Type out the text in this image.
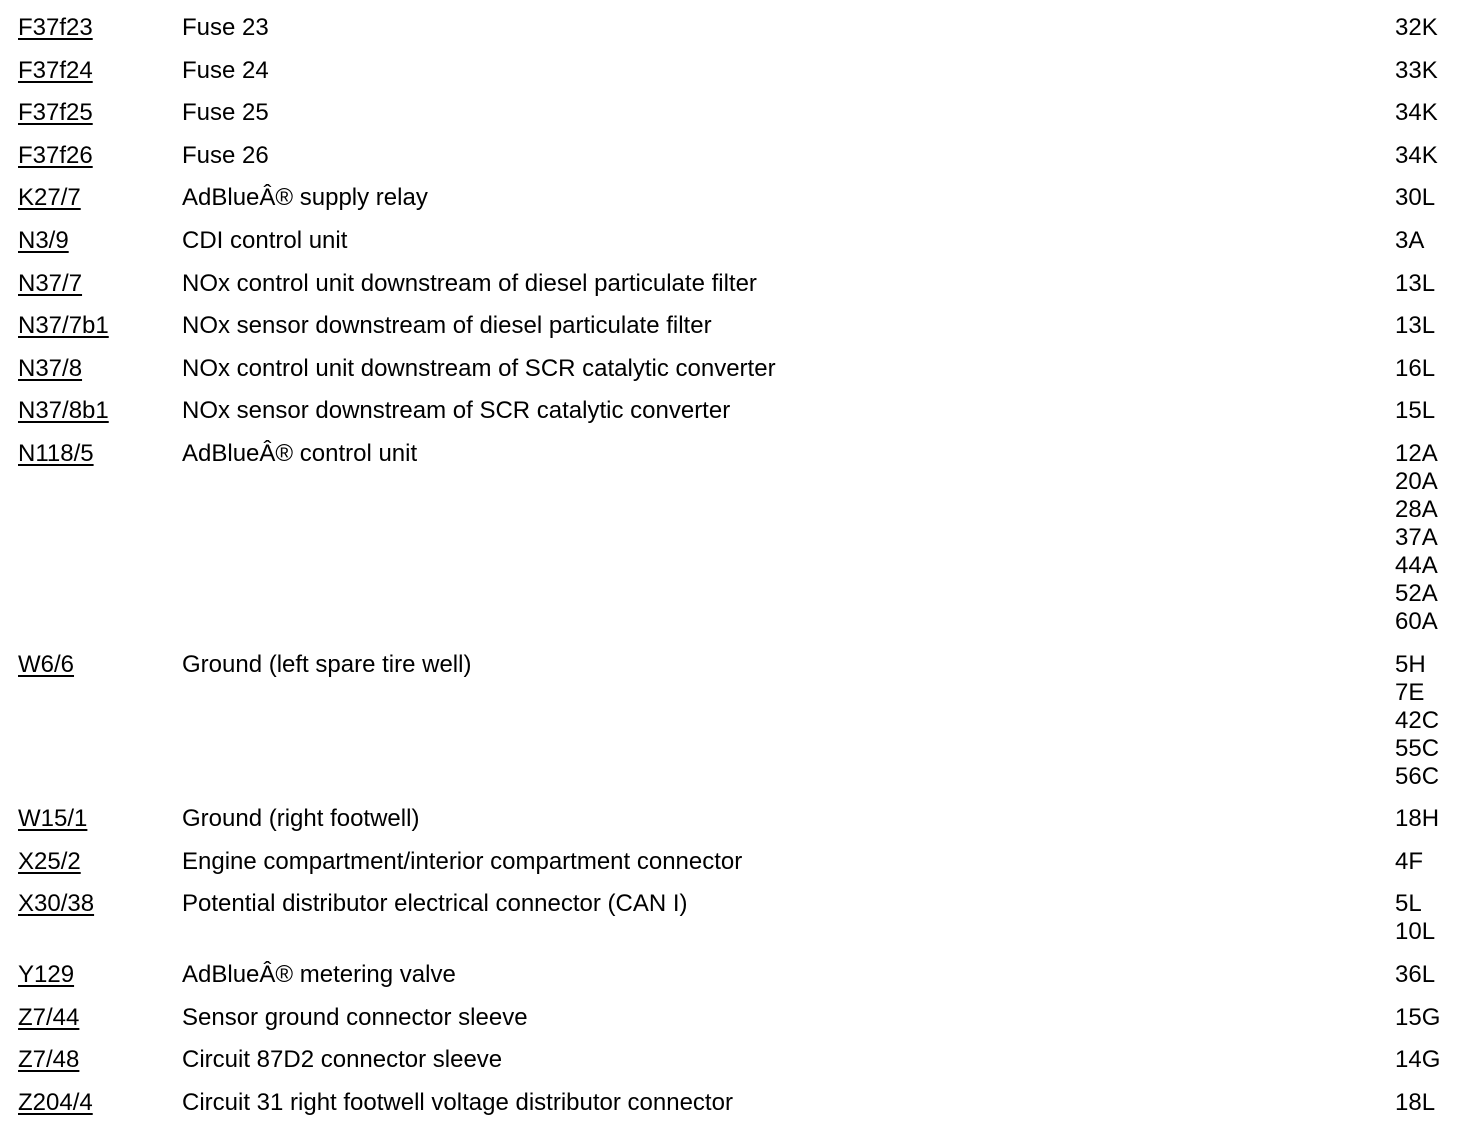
F37f23	Fuse 23	32K
F37f24	Fuse 24	33K
F37f25	Fuse 25	34K
F37f26	Fuse 26	34K
K27/7	AdBlueÂ® supply relay	30L
N3/9	CDI control unit	3A
N37/7	NOx control unit downstream of diesel particulate filter	13L
N37/7b1	NOx sensor downstream of diesel particulate filter	13L
N37/8	NOx control unit downstream of SCR catalytic converter	16L
N37/8b1	NOx sensor downstream of SCR catalytic converter	15L
N118/5	AdBlueÂ® control unit	12A
20A
28A
37A
44A
52A
60A
W6/6	Ground (left spare tire well)	5H
7E
42C
55C
56C
W15/1	Ground (right footwell)	18H
X25/2	Engine compartment/interior compartment connector	4F
X30/38	Potential distributor electrical connector (CAN I)	5L
10L
Y129	AdBlueÂ® metering valve	36L
Z7/44	Sensor ground connector sleeve	15G
Z7/48	Circuit 87D2 connector sleeve	14G
Z204/4	Circuit 31 right footwell voltage distributor connector	18L
